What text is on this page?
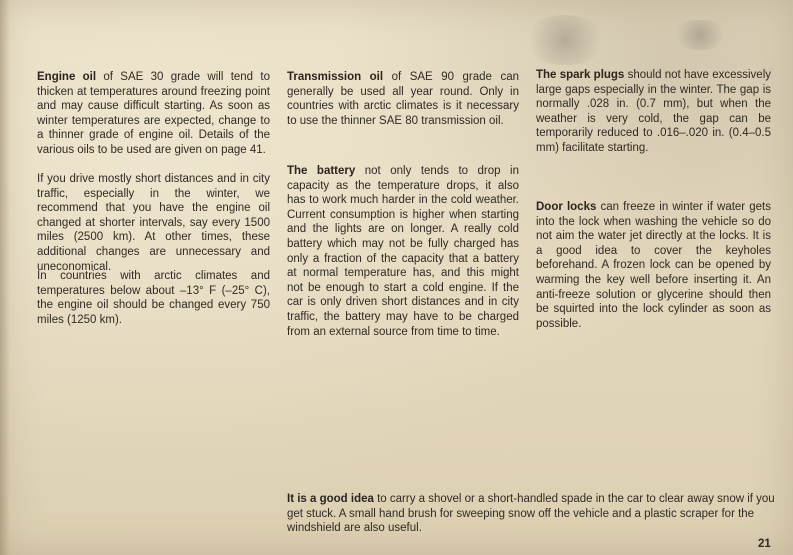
Engine oil of SAE 30 grade will tend to thicken at temperatures around freezing point and may cause difficult starting. As soon as winter temperatures are expected, change to a thinner grade of engine oil. Details of the various oils to be used are given on page 41.

If you drive mostly short distances and in city traffic, especially in the winter, we recommend that you have the engine oil changed at shorter intervals, say every 1500 miles (2500 km). At other times, these additional changes are unnecessary and uneconomical.

In countries with arctic climates and temperatures below about –13° F (–25° C), the engine oil should be changed every 750 miles (1250 km).

Transmission oil of SAE 90 grade can generally be used all year round. Only in countries with arctic climates is it necessary to use the thinner SAE 80 transmission oil.

The battery not only tends to drop in capacity as the temperature drops, it also has to work much harder in the cold weather. Current consumption is higher when starting and the lights are on longer. A really cold battery which may not be fully charged has only a fraction of the capacity that a battery at normal temperature has, and this might not be enough to start a cold engine. If the car is only driven short distances and in city traffic, the battery may have to be charged from an external source from time to time.

The spark plugs should not have excessively large gaps especially in the winter. The gap is normally .028 in. (0.7 mm), but when the weather is very cold, the gap can be temporarily reduced to .016–.020 in. (0.4–0.5 mm) facilitate starting.

Door locks can freeze in winter if water gets into the lock when washing the vehicle so do not aim the water jet directly at the locks. It is a good idea to cover the keyholes beforehand. A frozen lock can be opened by warming the key well before inserting it. An anti-freeze solution or glycerine should then be squirted into the lock cylinder as soon as possible.

It is a good idea to carry a shovel or a short-handled spade in the car to clear away snow if you get stuck. A small hand brush for sweeping snow off the vehicle and a plastic scraper for the windshield are also useful.

21
